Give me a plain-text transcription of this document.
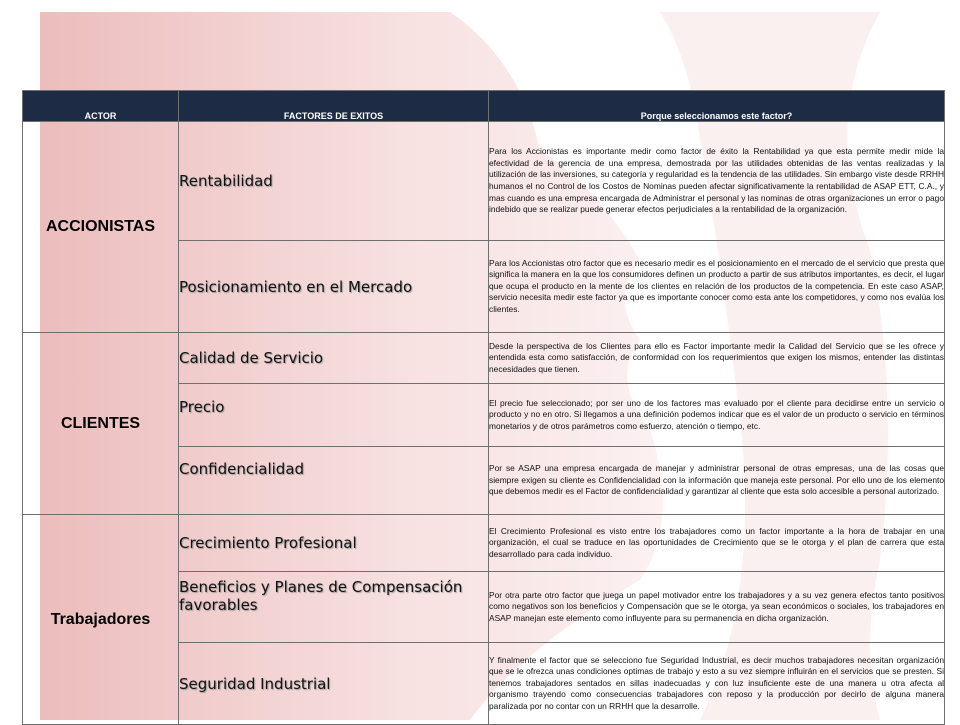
ACTOR	FACTORES DE EXITOS	Porque seleccionamos este factor?
ACCIONISTAS	Rentabilidad	Para los Accionistas es importante medir como factor de éxito la Rentabilidad ya que esta permite medir mide la efectividad de la gerencia de una empresa, demostrada por las utilidades obtenidas de las ventas realizadas y la utilización de las inversiones, su categoría y regularidad es la tendencia de las utilidades. Sin embargo viste desde RRHH humanos el no Control de los Costos de Nominas pueden afectar significativamente la rentabilidad de ASAP ETT, C.A., y mas cuando es una empresa encargada de Administrar el personal y las nominas de otras organizaciones un error o pago indebido que se realizar puede generar efectos perjudiciales a la rentabilidad de la organización.
	Posicionamiento en el Mercado	Para los Accionistas otro factor que es necesario medir es el posicionamiento en el mercado de el servicio que presta que significa la manera en la que los consumidores definen un producto a partir de sus atributos importantes, es decir, el lugar que ocupa el producto en la mente de los clientes en relación de los productos de la competencia. En este caso ASAP, servicio necesita medir este factor ya que es importante conocer como esta ante los competidores, y como nos evalúa los clientes.
CLIENTES	Calidad de Servicio	Desde la perspectiva de los Clientes para ello es Factor importante medir la Calidad del Servicio que se les ofrece y entendida esta como satisfacción, de conformidad con los requerimientos que exigen los mismos, entender las distintas necesidades que tienen.
	Precio	El precio fue seleccionado; por ser uno de los factores mas evaluado por el cliente para decidirse entre un servicio o producto y no en otro. Si llegamos a una definición podemos indicar que es el valor de un producto o servicio en términos monetarios y de otros parámetros como esfuerzo, atención o tiempo, etc.
	Confidencialidad	Por se ASAP una empresa encargada de manejar y administrar personal de otras empresas, una de las cosas que siempre exigen su cliente es Confidencialidad con la información que maneja este personal. Por ello uno de los elemento que debemos medir es el Factor de confidencialidad y garantizar al cliente que esta solo accesible a personal autorizado.
Trabajadores	Crecimiento Profesional	El Crecimiento Profesional es visto entre los trabajadores como un factor importante a la hora de trabajar en una organización, el cual se traduce en las oportunidades de Crecimiento que se le otorga y el plan de carrera que esta desarrollado para cada individuo.
	Beneficios y Planes de Compensación favorables	Por otra parte otro factor que juega un papel motivador entre los trabajadores y a su vez genera efectos tanto positivos como negativos son los beneficios y Compensación que se le otorga, ya sean económicos o sociales, los trabajadores en ASAP manejan este elemento como influyente para su permanencia en dicha organización.
	Seguridad Industrial	Y finalmente el factor que se selecciono fue Seguridad Industrial, es decir muchos trabajadores necesitan organización que se le ofrezca unas condiciones optimas de trabajo y esto a su vez siempre influirán en el servicios que se presten. Si tenemos trabajadores sentados en sillas inadecuadas y con luz insuficiente este de una manera u otra afecta al organismo trayendo como consecuencias trabajadores con reposo y la producción por decirlo de alguna manera paralizada por no contar con un RRHH que la desarrolle.
